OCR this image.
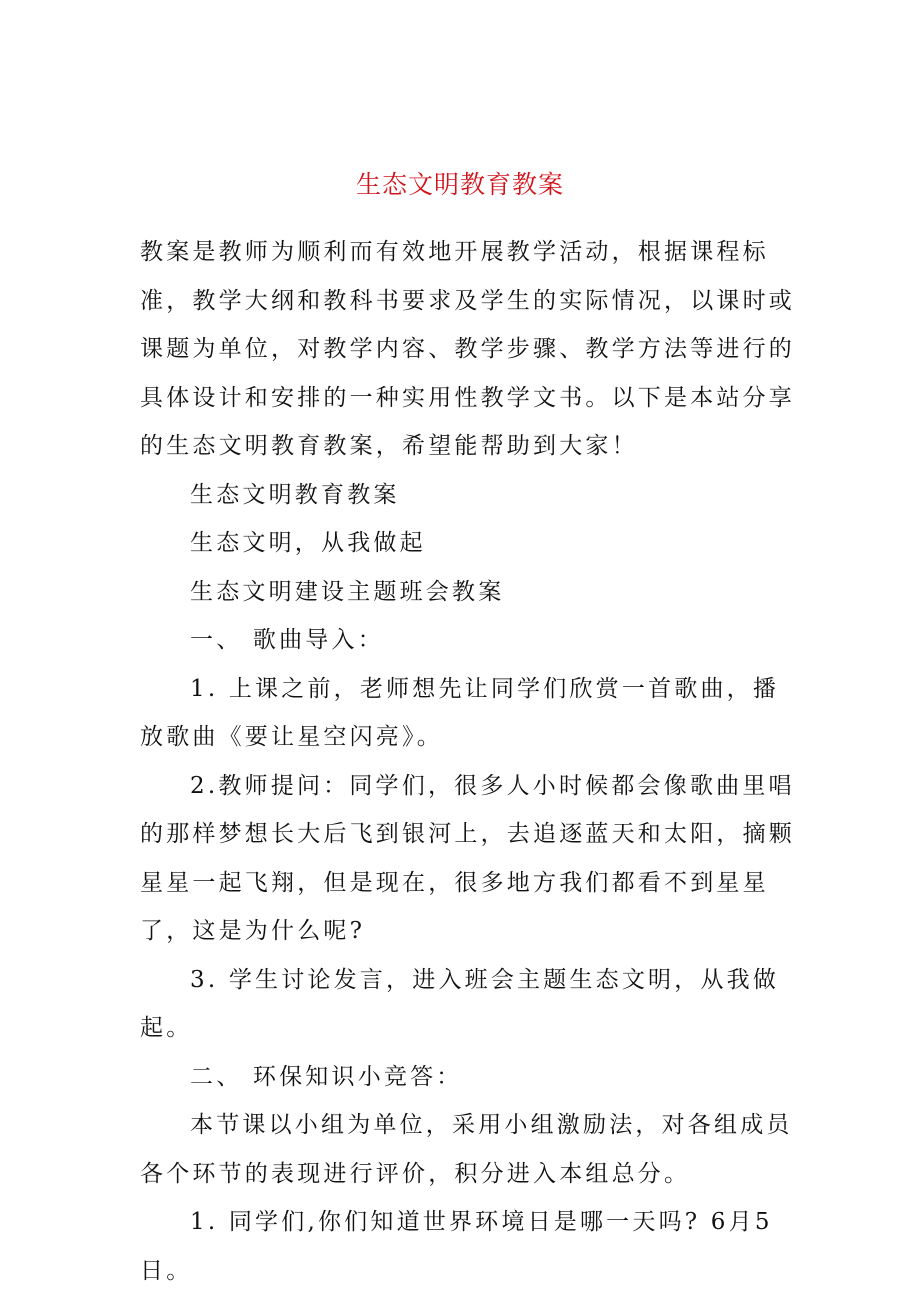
生态文明教育教案

教案是教师为顺利而有效地开展教学活动，根据课程标准，教学大纲和教科书要求及学生的实际情况，以课时或课题为单位，对教学内容、教学步骤、教学方法等进行的具体设计和安排的一种实用性教学文书。以下是本站分享的生态文明教育教案，希望能帮助到大家！

生态文明教育教案

生态文明，从我做起

生态文明建设主题班会教案

一、 歌曲导入：

1. 上课之前，老师想先让同学们欣赏一首歌曲，播放歌曲《要让星空闪亮》。

2.教师提问：同学们，很多人小时候都会像歌曲里唱的那样梦想长大后飞到银河上，去追逐蓝天和太阳，摘颗星星一起飞翔，但是现在，很多地方我们都看不到星星了，这是为什么呢?

3. 学生讨论发言，进入班会主题生态文明，从我做起。

二、 环保知识小竞答：

本节课以小组为单位，采用小组激励法，对各组成员各个环节的表现进行评价，积分进入本组总分。

1. 同学们,你们知道世界环境日是哪一天吗? 6月5日。
